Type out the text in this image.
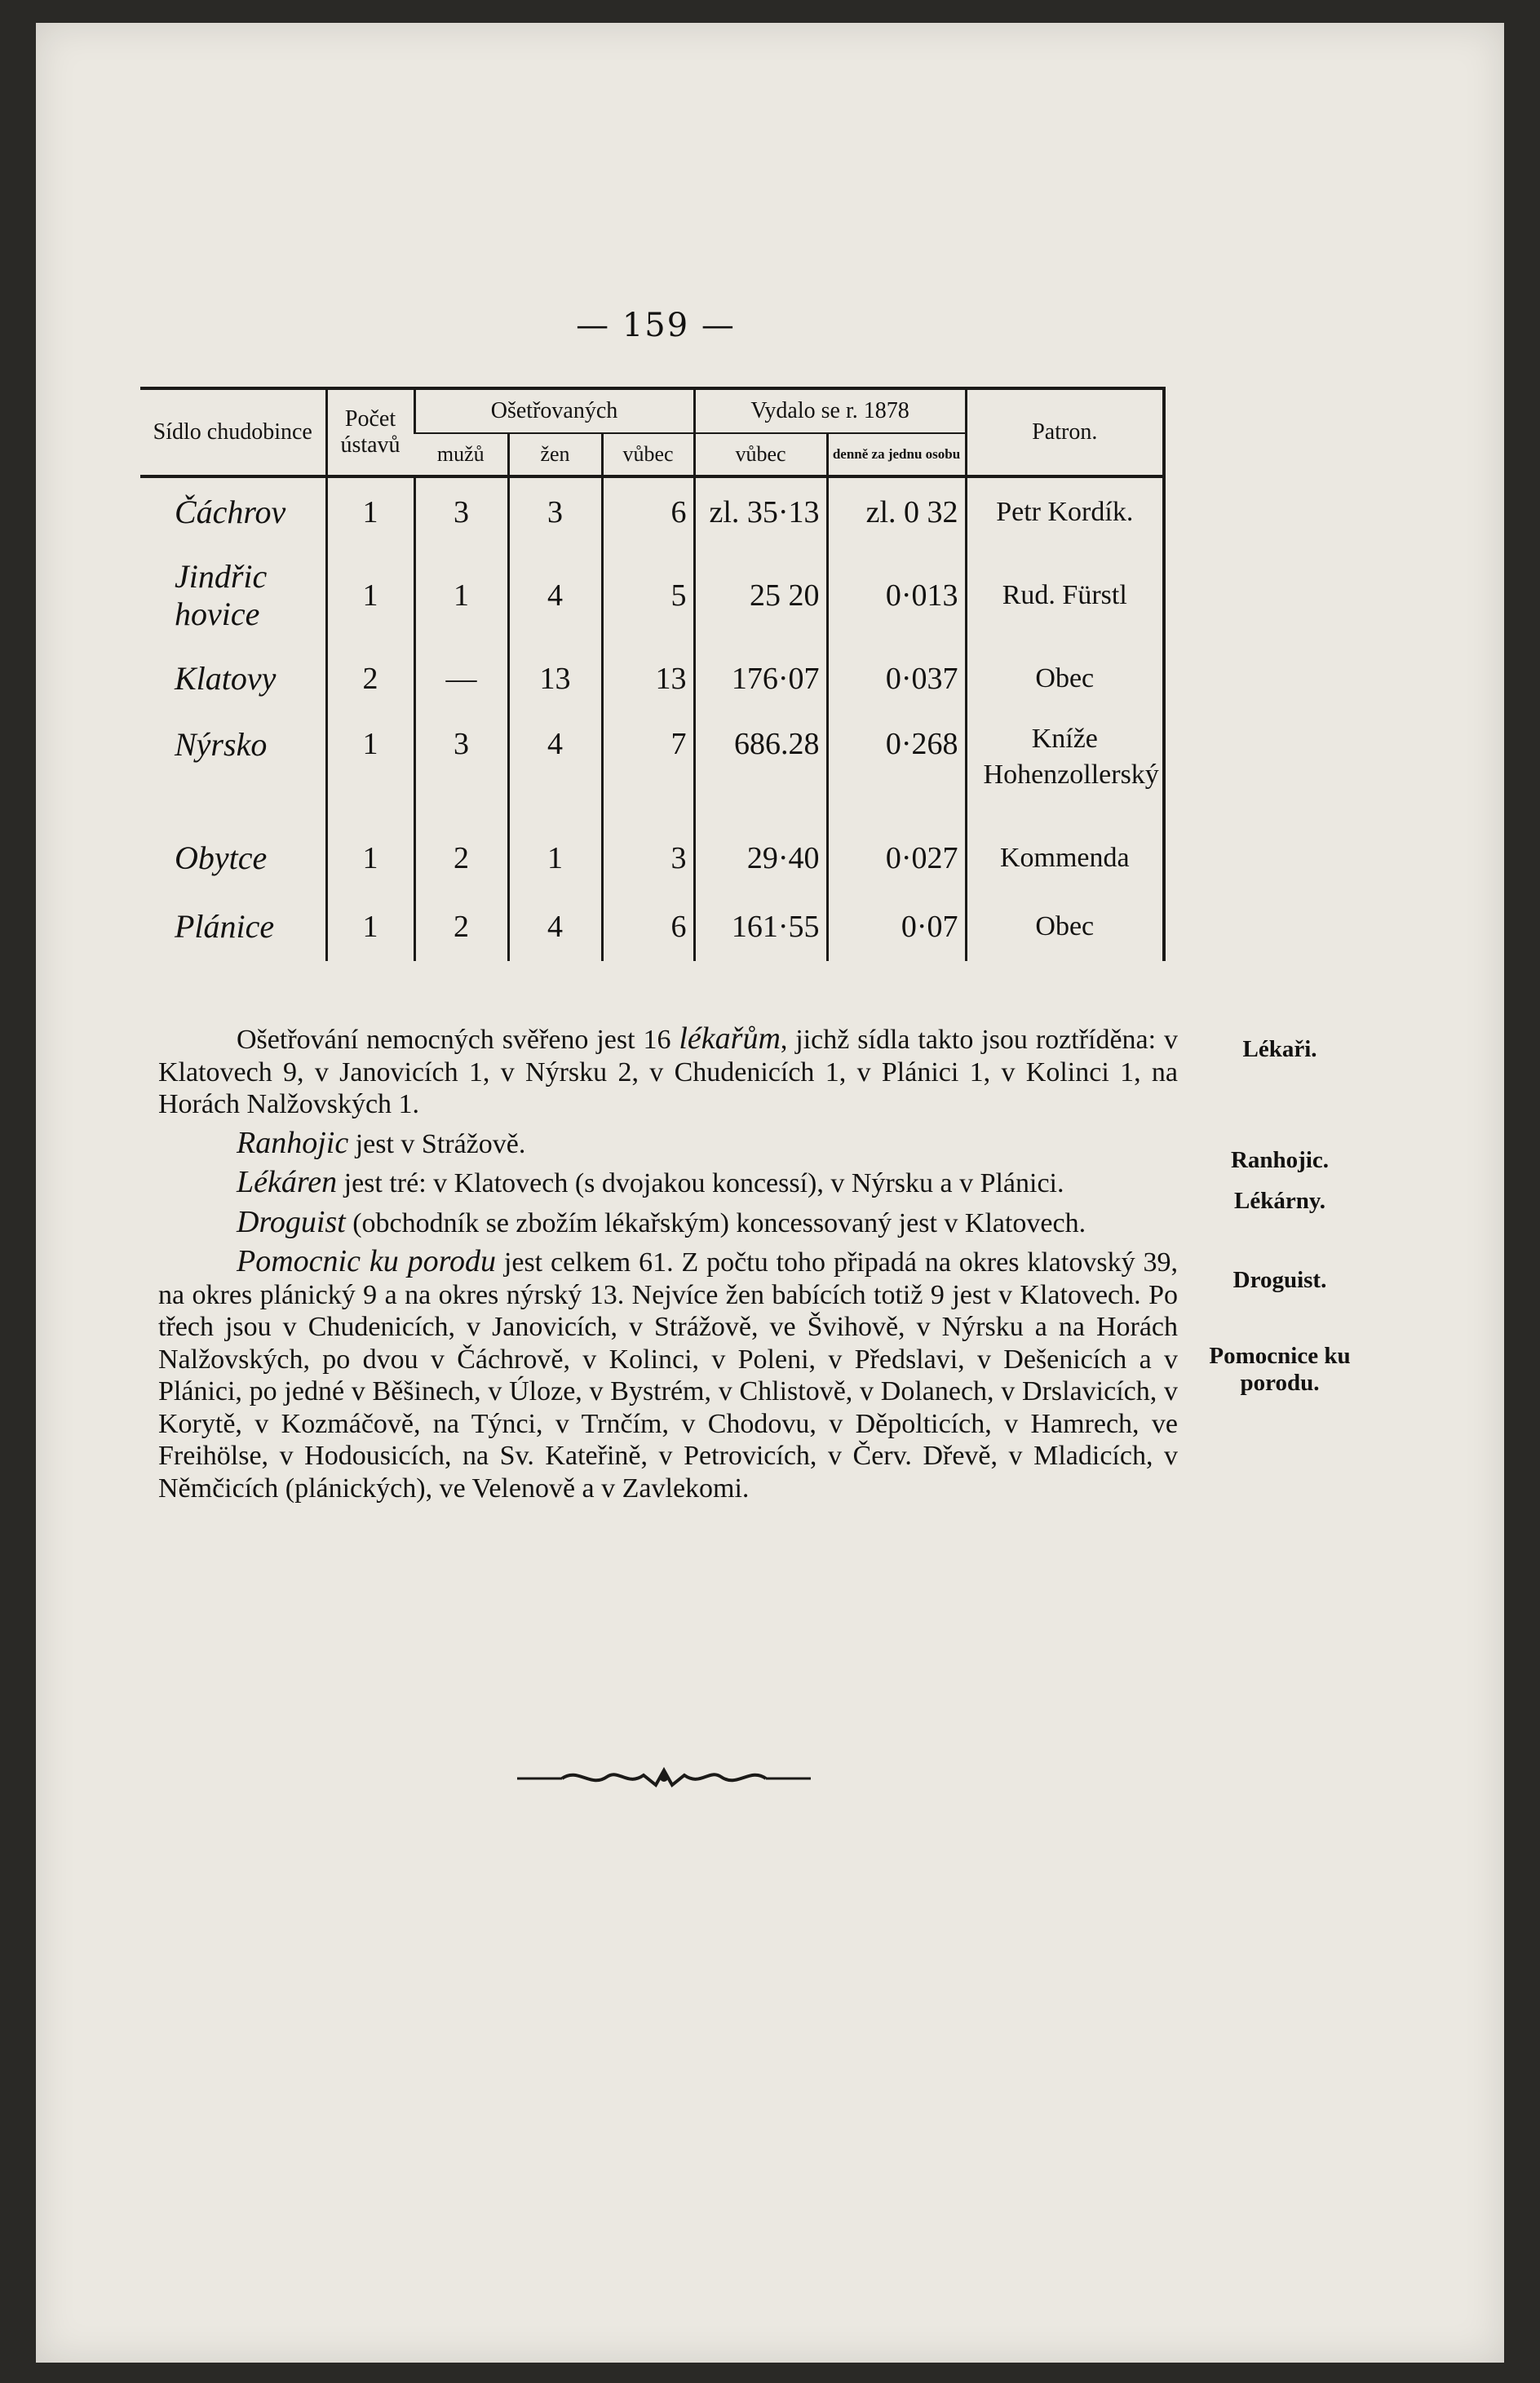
— 159 —
Sídlo chudobince	Počet ústavů	Ošetřovaných			Vydalo se r. 1878		Patron.
		mužů	žen	vůbec	vůbec	denně za jednu osobu	
Čáchrov	1	3	3	6	zl. 35·13	zl. 0 32	Petr Kordík.
Jindřichovice	1	1	4	5	25 20	0·013	Rud. Fürstl
Klatovy	2	—	13	13	176·07	0·037	Obec
Nýrsko	1	3	4	7	686.28	0·268	Kníže Hohenzollerský
Obytce	1	2	1	3	29·40	0·027	Kommenda
Plánice	1	2	4	6	161·55	0·07	Obec

Ošetřování nemocných svěřeno jest 16 lékařům, jichž sídla takto jsou roztříděna: v Klatovech 9, v Janovicích 1, v Nýrsku 2, v Chudenicích 1, v Plánici 1, v Kolinci 1, na Horách Nalžovských 1.

Ranhojic jest v Strážově.

Lékáren jest tré: v Klatovech (s dvojakou koncessí), v Nýrsku a v Plánici.

Droguist (obchodník se zbožím lékařským) koncessovaný jest v Klatovech.

Pomocnic ku porodu jest celkem 61. Z počtu toho připadá na okres klatovský 39, na okres plánický 9 a na okres nýrský 13. Nejvíce žen babících totiž 9 jest v Klatovech. Po třech jsou v Chudenicích, v Janovicích, v Strážově, ve Švihově, v Nýrsku a na Horách Nalžovských, po dvou v Čáchrově, v Kolinci, v Poleni, v Předslavi, v Dešenicích a v Plánici, po jedné v Běšinech, v Úloze, v Bystrém, v Chlistově, v Dolanech, v Drslavicích, v Korytě, v Kozmáčově, na Týnci, v Trnčím, v Chodovu, v Děpolticích, v Hamrech, ve Freihölse, v Hodousicích, na Sv. Kateřině, v Petrovicích, v Červ. Dřevě, v Mladicích, v Němčicích (plánických), ve Velenově a v Zavlekomi.

Lékaři.
Ranhojic.
Lékárny.
Droguist.
Pomocnice ku porodu.
